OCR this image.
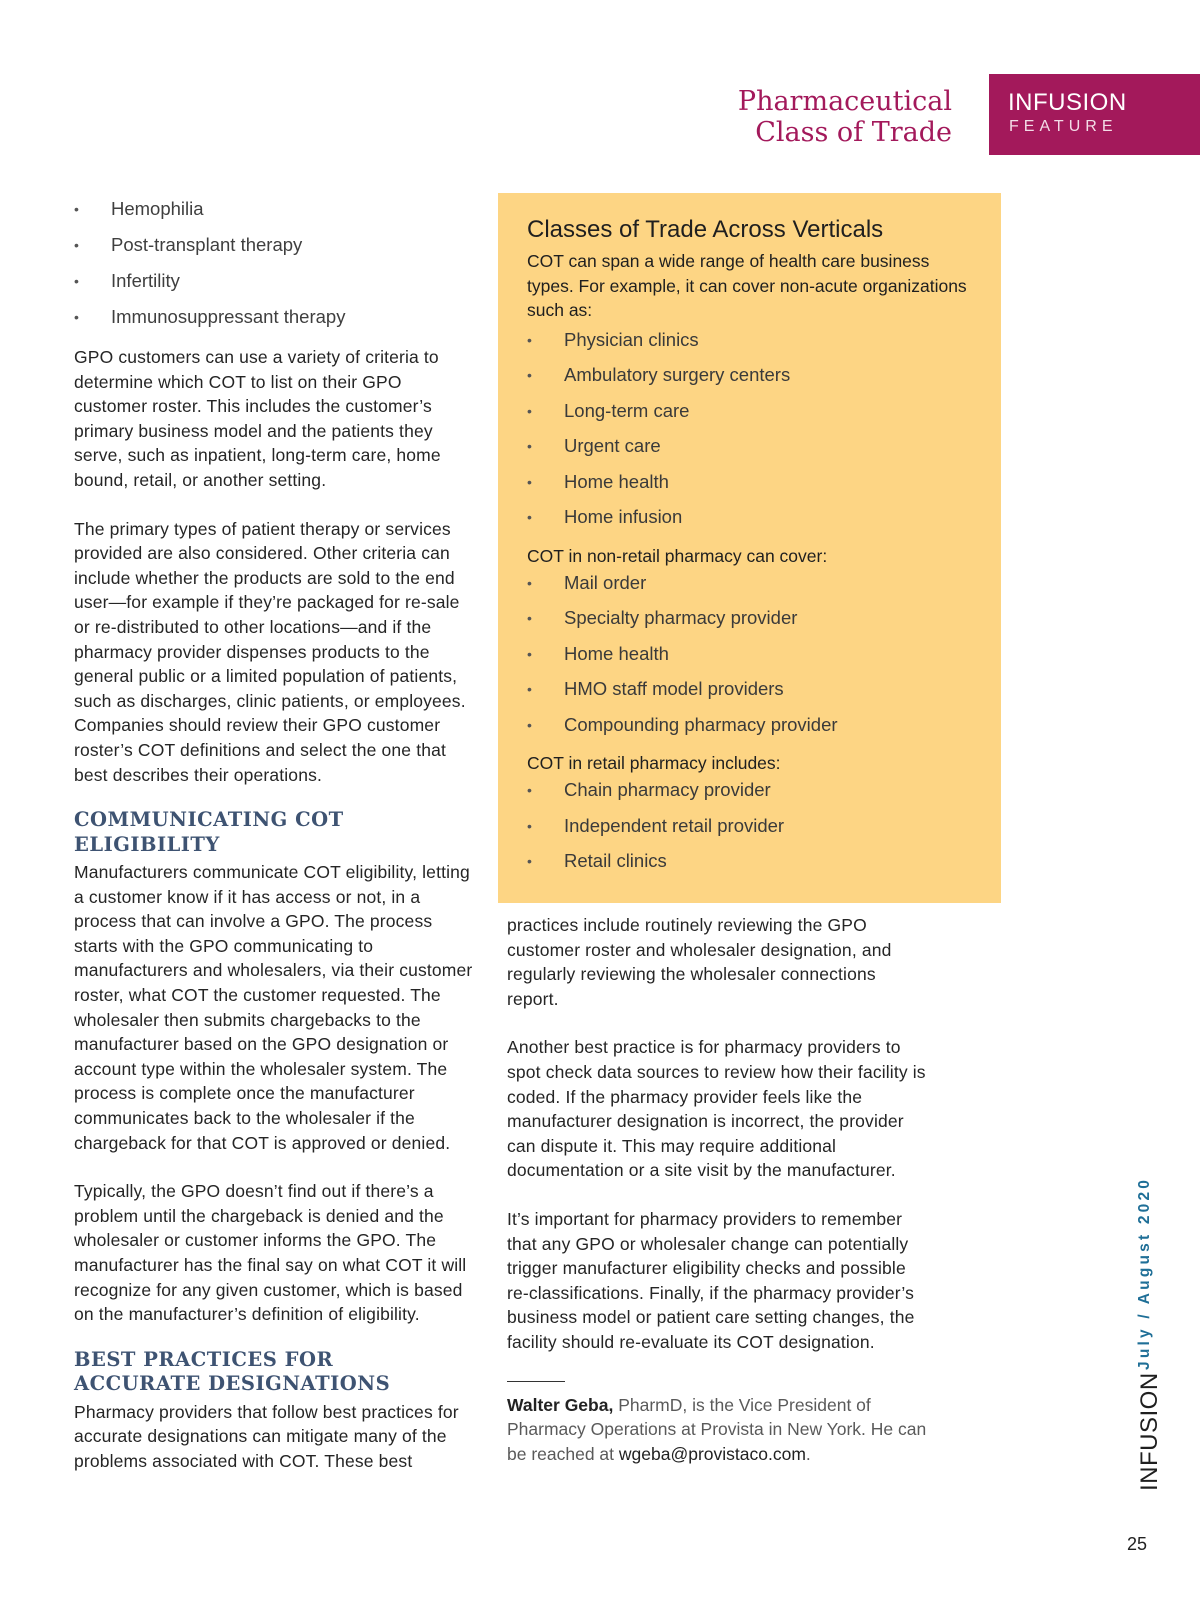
Pharmaceutical
Class of Trade
INFUSION
FEATURE
• Hemophilia
• Post-transplant therapy
• Infertility
• Immunosuppressant therapy

GPO customers can use a variety of criteria to determine which COT to list on their GPO customer roster. This includes the customer’s primary business model and the patients they serve, such as inpatient, long-term care, home bound, retail, or another setting.

The primary types of patient therapy or services provided are also considered. Other criteria can include whether the products are sold to the end user—for example if they’re packaged for re-sale or re-distributed to other locations—and if the pharmacy provider dispenses products to the general public or a limited population of patients, such as discharges, clinic patients, or employees. Companies should review their GPO customer roster’s COT definitions and select the one that best describes their operations.

COMMUNICATING COT ELIGIBILITY

Manufacturers communicate COT eligibility, letting a customer know if it has access or not, in a process that can involve a GPO. The process starts with the GPO communicating to manufacturers and wholesalers, via their customer roster, what COT the customer requested. The wholesaler then submits chargebacks to the manufacturer based on the GPO designation or account type within the wholesaler system. The process is complete once the manufacturer communicates back to the wholesaler if the chargeback for that COT is approved or denied.

Typically, the GPO doesn’t find out if there’s a problem until the chargeback is denied and the wholesaler or customer informs the GPO. The manufacturer has the final say on what COT it will recognize for any given customer, which is based on the manufacturer’s definition of eligibility.

BEST PRACTICES FOR
ACCURATE DESIGNATIONS

Pharmacy providers that follow best practices for accurate designations can mitigate many of the problems associated with COT. These best

Classes of Trade Across Verticals

COT can span a wide range of health care business types. For example, it can cover non-acute organizations such as:

• Physician clinics
• Ambulatory surgery centers
• Long-term care
• Urgent care
• Home health
• Home infusion

COT in non-retail pharmacy can cover:

• Mail order
• Specialty pharmacy provider
• Home health
• HMO staff model providers
• Compounding pharmacy provider

COT in retail pharmacy includes:

• Chain pharmacy provider
• Independent retail provider
• Retail clinics

practices include routinely reviewing the GPO customer roster and wholesaler designation, and regularly reviewing the wholesaler connections report.

Another best practice is for pharmacy providers to spot check data sources to review how their facility is coded. If the pharmacy provider feels like the manufacturer designation is incorrect, the provider can dispute it. This may require additional documentation or a site visit by the manufacturer.

It’s important for pharmacy providers to remember that any GPO or wholesaler change can potentially trigger manufacturer eligibility checks and possible re-classifications. Finally, if the pharmacy provider’s business model or patient care setting changes, the facility should re-evaluate its COT designation.

Walter Geba, PharmD, is the Vice President of Pharmacy Operations at Provista in New York. He can be reached at wgeba@provistaco.com.

July / August 2020
INFUSION
25
